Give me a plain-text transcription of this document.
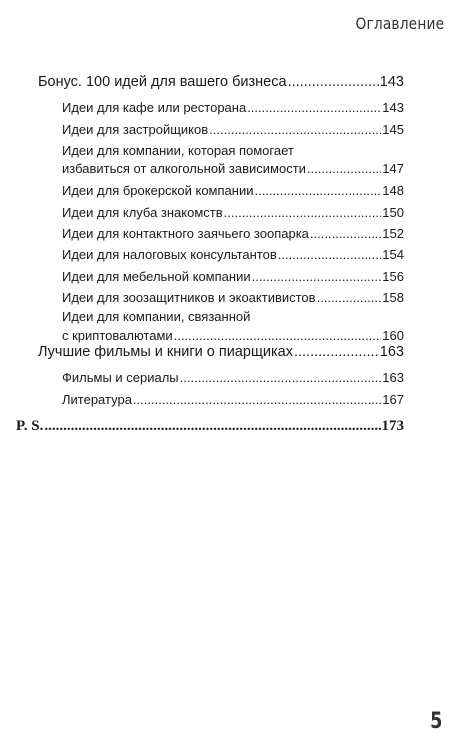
Оглавление
Бонус. 100 идей для вашего бизнеса .....	143
Идеи для кафе или ресторана .....	143
Идеи для застройщиков .....	145
Идеи для компании, которая помогает
избавиться от алкогольной зависимости .....	147
Идеи для брокерской компании .....	148
Идеи для клуба знакомств .....	150
Идеи для контактного заячьего зоопарка .....	152
Идеи для налоговых консультантов .....	154
Идеи для мебельной компании .....	156
Идеи для зоозащитников и экоактивистов .....	158
Идеи для компании, связанной
с криптовалютами .....	160
Лучшие фильмы и книги о пиарщиках .....	163
Фильмы и сериалы .....	163
Литература .....	167
P. S. .....	173
5
